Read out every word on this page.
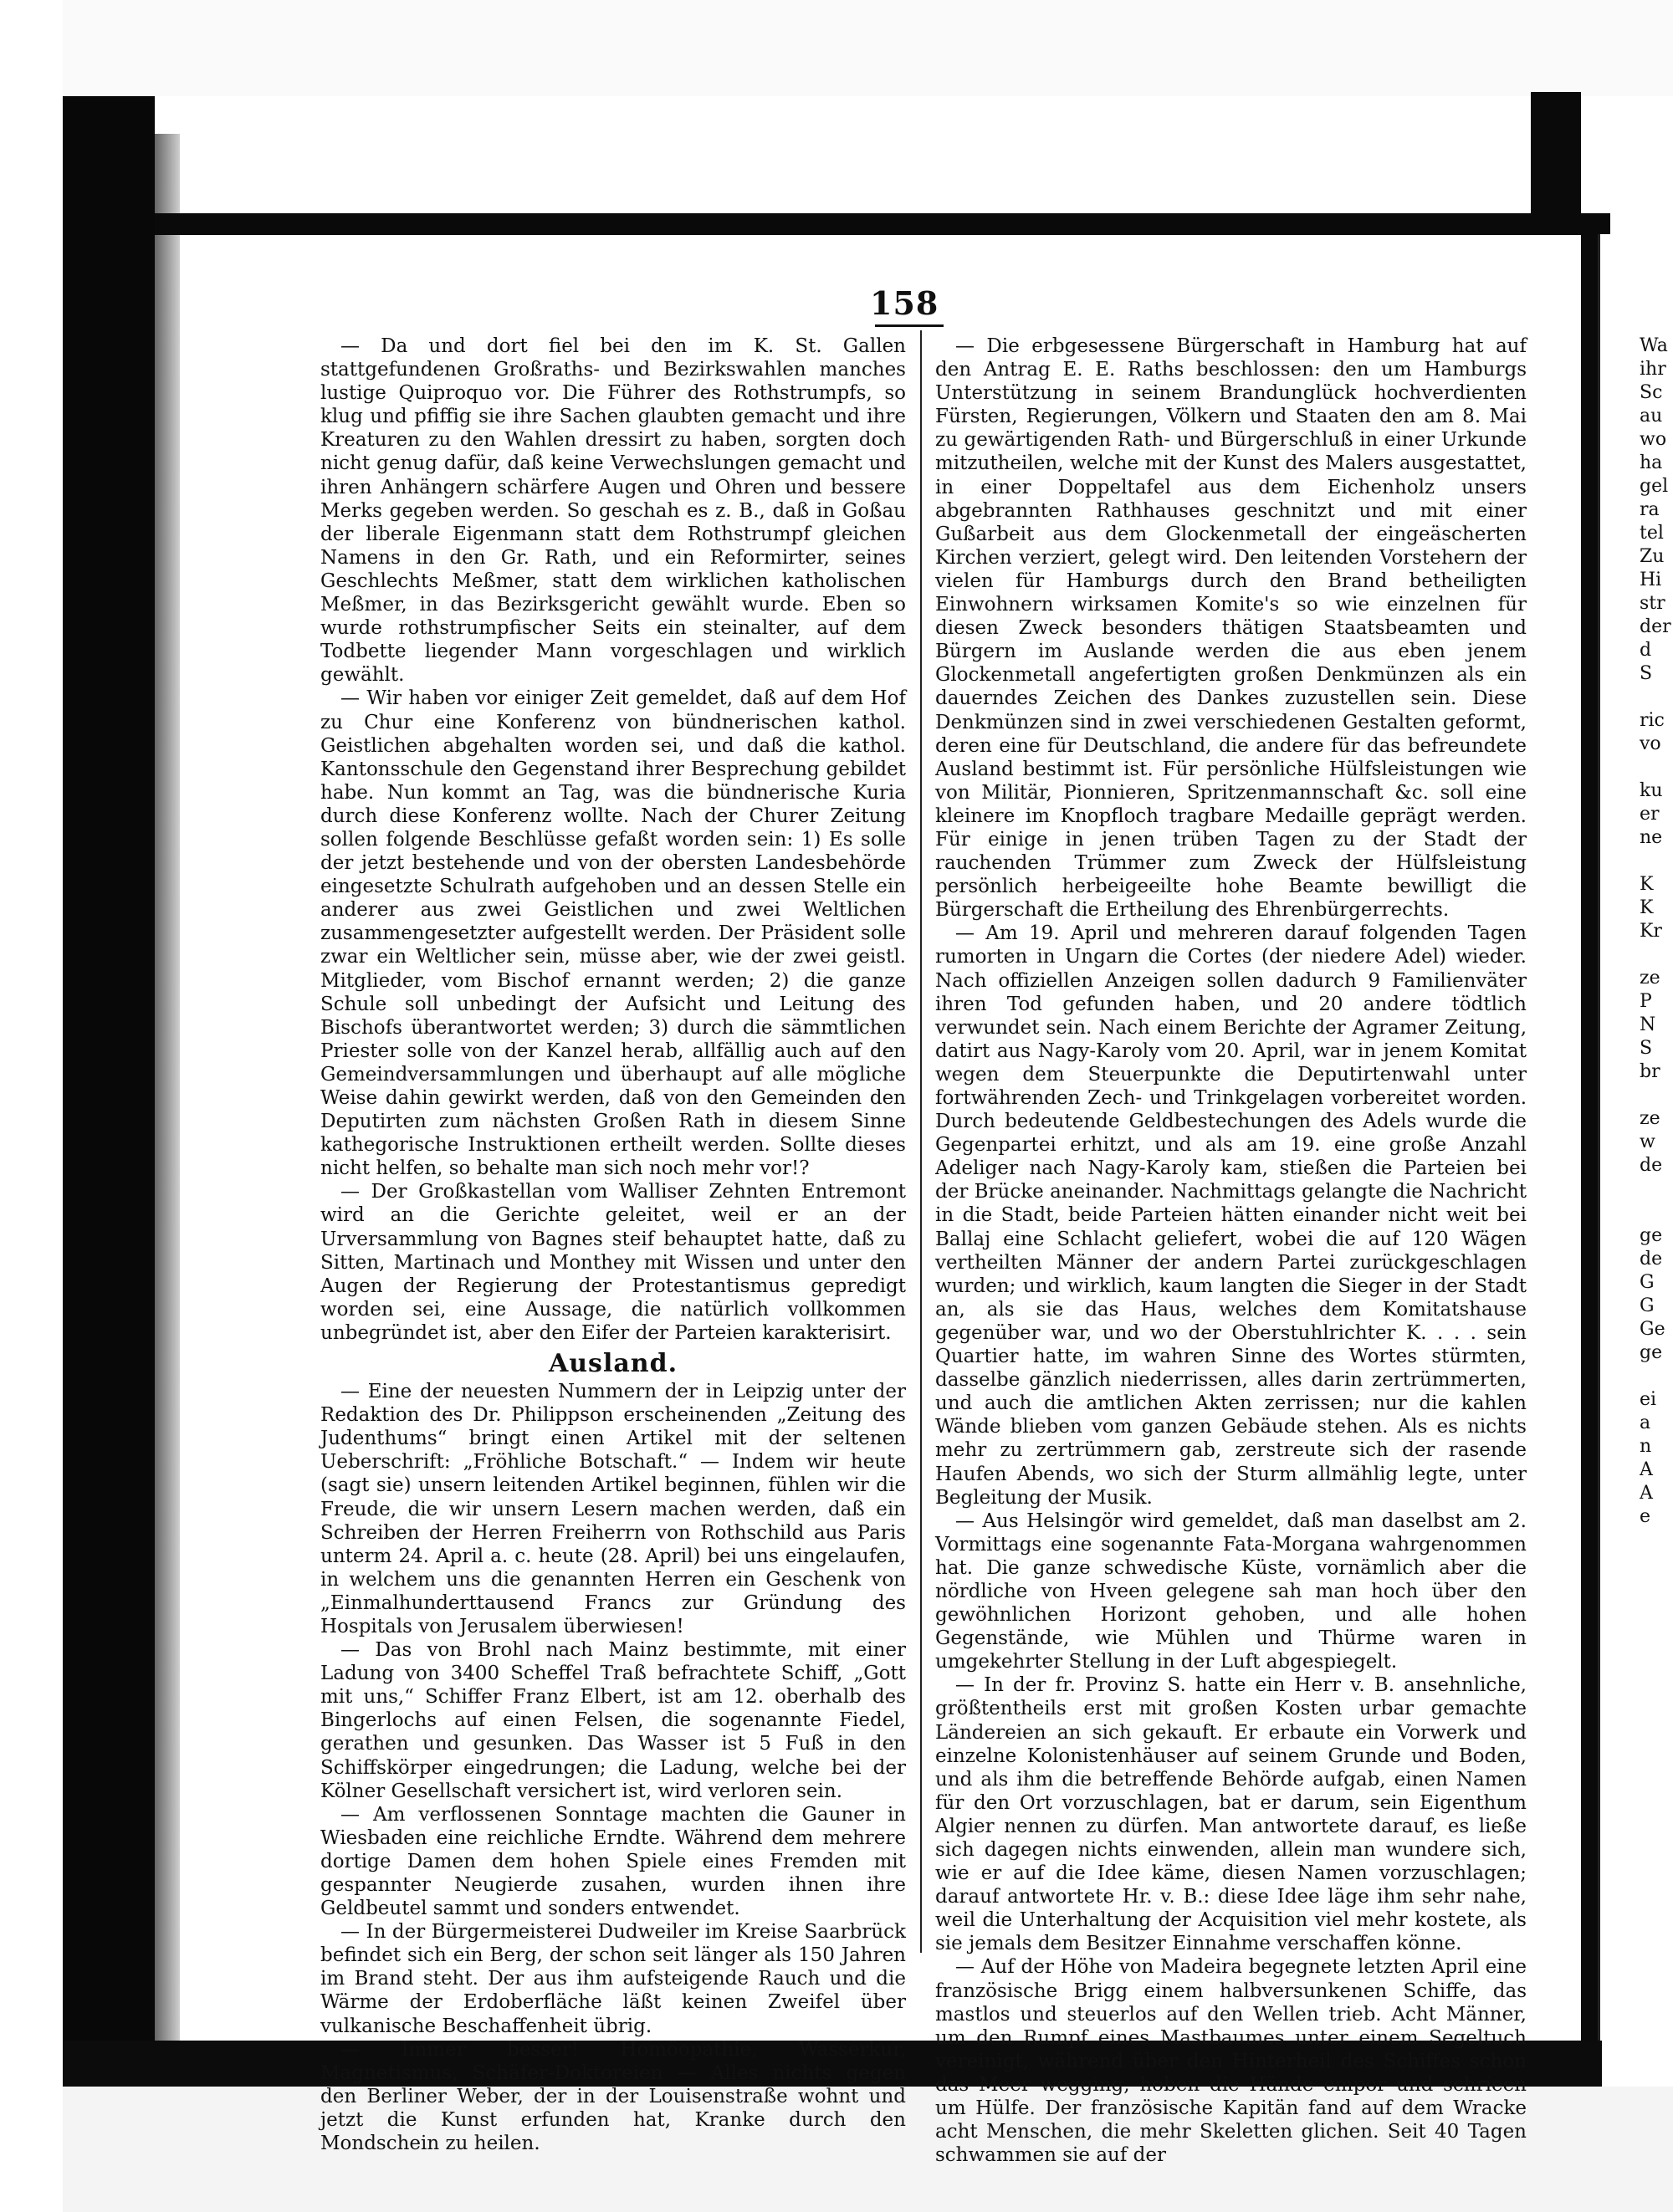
158

— Da und dort fiel bei den im K. St. Gallen stattgefundenen Großraths- und Bezirkswahlen manches lustige Quiproquo vor. Die Führer des Rothstrumpfs, so klug und pfiffig sie ihre Sachen glaubten gemacht und ihre Kreaturen zu den Wahlen dressirt zu haben, sorgten doch nicht genug dafür, daß keine Verwechslungen gemacht und ihren Anhängern schärfere Augen und Ohren und bessere Merks gegeben werden. So geschah es z. B., daß in Goßau der liberale Eigenmann statt dem Rothstrumpf gleichen Namens in den Gr. Rath, und ein Reformirter, seines Geschlechts Meßmer, statt dem wirklichen katholischen Meßmer, in das Bezirksgericht gewählt wurde. Eben so wurde rothstrumpfischer Seits ein steinalter, auf dem Todbette liegender Mann vorgeschlagen und wirklich gewählt.

— Wir haben vor einiger Zeit gemeldet, daß auf dem Hof zu Chur eine Konferenz von bündnerischen kathol. Geistlichen abgehalten worden sei, und daß die kathol. Kantonsschule den Gegenstand ihrer Besprechung gebildet habe. Nun kommt an Tag, was die bündnerische Kuria durch diese Konferenz wollte. Nach der Churer Zeitung sollen folgende Beschlüsse gefaßt worden sein: 1) Es solle der jetzt bestehende und von der obersten Landesbehörde eingesetzte Schulrath aufgehoben und an dessen Stelle ein anderer aus zwei Geistlichen und zwei Weltlichen zusammengesetzter aufgestellt werden. Der Präsident solle zwar ein Weltlicher sein, müsse aber, wie der zwei geistl. Mitglieder, vom Bischof ernannt werden; 2) die ganze Schule soll unbedingt der Aufsicht und Leitung des Bischofs überantwortet werden; 3) durch die sämmtlichen Priester solle von der Kanzel herab, allfällig auch auf den Gemeindversammlungen und überhaupt auf alle mögliche Weise dahin gewirkt werden, daß von den Gemeinden den Deputirten zum nächsten Großen Rath in diesem Sinne kathegorische Instruktionen ertheilt werden. Sollte dieses nicht helfen, so behalte man sich noch mehr vor!?

— Der Großkastellan vom Walliser Zehnten Entremont wird an die Gerichte geleitet, weil er an der Urversammlung von Bagnes steif behauptet hatte, daß zu Sitten, Martinach und Monthey mit Wissen und unter den Augen der Regierung der Protestantismus gepredigt worden sei, eine Aussage, die natürlich vollkommen unbegründet ist, aber den Eifer der Parteien karakterisirt.

Ausland.

— Eine der neuesten Nummern der in Leipzig unter der Redaktion des Dr. Philippson erscheinenden „Zeitung des Judenthums“ bringt einen Artikel mit der seltenen Ueberschrift: „Fröhliche Botschaft.“ — Indem wir heute (sagt sie) unsern leitenden Artikel beginnen, fühlen wir die Freude, die wir unsern Lesern machen werden, daß ein Schreiben der Herren Freiherrn von Rothschild aus Paris unterm 24. April a. c. heute (28. April) bei uns eingelaufen, in welchem uns die genannten Herren ein Geschenk von „Einmalhunderttausend Francs zur Gründung des Hospitals von Jerusalem überwiesen!

— Das von Brohl nach Mainz bestimmte, mit einer Ladung von 3400 Scheffel Traß befrachtete Schiff, „Gott mit uns,“ Schiffer Franz Elbert, ist am 12. oberhalb des Bingerlochs auf einen Felsen, die sogenannte Fiedel, gerathen und gesunken. Das Wasser ist 5 Fuß in den Schiffskörper eingedrungen; die Ladung, welche bei der Kölner Gesellschaft versichert ist, wird verloren sein.

— Am verflossenen Sonntage machten die Gauner in Wiesbaden eine reichliche Erndte. Während dem mehrere dortige Damen dem hohen Spiele eines Fremden mit gespannter Neugierde zusahen, wurden ihnen ihre Geldbeutel sammt und sonders entwendet.

— In der Bürgermeisterei Dudweiler im Kreise Saarbrück befindet sich ein Berg, der schon seit länger als 150 Jahren im Brand steht. Der aus ihm aufsteigende Rauch und die Wärme der Erdoberfläche läßt keinen Zweifel über vulkanische Beschaffenheit übrig.

— Immer besser! Homöopathie, Wasserkur, Magnetismus, Schäfer-Doktoreien — Alles nichts gegen den Berliner Weber, der in der Louisenstraße wohnt und jetzt die Kunst erfunden hat, Kranke durch den Mondschein zu heilen.

— Die erbgesessene Bürgerschaft in Hamburg hat auf den Antrag E. E. Raths beschlossen: den um Hamburgs Unterstützung in seinem Brandunglück hochverdienten Fürsten, Regierungen, Völkern und Staaten den am 8. Mai zu gewärtigenden Rath- und Bürgerschluß in einer Urkunde mitzutheilen, welche mit der Kunst des Malers ausgestattet, in einer Doppeltafel aus dem Eichenholz unsers abgebrannten Rathhauses geschnitzt und mit einer Gußarbeit aus dem Glockenmetall der eingeäscherten Kirchen verziert, gelegt wird. Den leitenden Vorstehern der vielen für Hamburgs durch den Brand betheiligten Einwohnern wirksamen Komite's so wie einzelnen für diesen Zweck besonders thätigen Staatsbeamten und Bürgern im Auslande werden die aus eben jenem Glockenmetall angefertigten großen Denkmünzen als ein dauerndes Zeichen des Dankes zuzustellen sein. Diese Denkmünzen sind in zwei verschiedenen Gestalten geformt, deren eine für Deutschland, die andere für das befreundete Ausland bestimmt ist. Für persönliche Hülfsleistungen wie von Militär, Pionnieren, Spritzenmannschaft &c. soll eine kleinere im Knopfloch tragbare Medaille geprägt werden. Für einige in jenen trüben Tagen zu der Stadt der rauchenden Trümmer zum Zweck der Hülfsleistung persönlich herbeigeeilte hohe Beamte bewilligt die Bürgerschaft die Ertheilung des Ehrenbürgerrechts.

— Am 19. April und mehreren darauf folgenden Tagen rumorten in Ungarn die Cortes (der niedere Adel) wieder. Nach offiziellen Anzeigen sollen dadurch 9 Familienväter ihren Tod gefunden haben, und 20 andere tödtlich verwundet sein. Nach einem Berichte der Agramer Zeitung, datirt aus Nagy-Karoly vom 20. April, war in jenem Komitat wegen dem Steuerpunkte die Deputirtenwahl unter fortwährenden Zech- und Trinkgelagen vorbereitet worden. Durch bedeutende Geldbestechungen des Adels wurde die Gegenpartei erhitzt, und als am 19. eine große Anzahl Adeliger nach Nagy-Karoly kam, stießen die Parteien bei der Brücke aneinander. Nachmittags gelangte die Nachricht in die Stadt, beide Parteien hätten einander nicht weit bei Ballaj eine Schlacht geliefert, wobei die auf 120 Wägen vertheilten Männer der andern Partei zurückgeschlagen wurden; und wirklich, kaum langten die Sieger in der Stadt an, als sie das Haus, welches dem Komitatshause gegenüber war, und wo der Oberstuhlrichter K. . . . sein Quartier hatte, im wahren Sinne des Wortes stürmten, dasselbe gänzlich niederrissen, alles darin zertrümmerten, und auch die amtlichen Akten zerrissen; nur die kahlen Wände blieben vom ganzen Gebäude stehen. Als es nichts mehr zu zertrümmern gab, zerstreute sich der rasende Haufen Abends, wo sich der Sturm allmählig legte, unter Begleitung der Musik.

— Aus Helsingör wird gemeldet, daß man daselbst am 2. Vormittags eine sogenannte Fata-Morgana wahrgenommen hat. Die ganze schwedische Küste, vornämlich aber die nördliche von Hveen gelegene sah man hoch über den gewöhnlichen Horizont gehoben, und alle hohen Gegenstände, wie Mühlen und Thürme waren in umgekehrter Stellung in der Luft abgespiegelt.

— In der fr. Provinz S. hatte ein Herr v. B. ansehnliche, größtentheils erst mit großen Kosten urbar gemachte Ländereien an sich gekauft. Er erbaute ein Vorwerk und einzelne Kolonistenhäuser auf seinem Grunde und Boden, und als ihm die betreffende Behörde aufgab, einen Namen für den Ort vorzuschlagen, bat er darum, sein Eigenthum Algier nennen zu dürfen. Man antwortete darauf, es ließe sich dagegen nichts einwenden, allein man wundere sich, wie er auf die Idee käme, diesen Namen vorzuschlagen; darauf antwortete Hr. v. B.: diese Idee läge ihm sehr nahe, weil die Unterhaltung der Acquisition viel mehr kostete, als sie jemals dem Besitzer Einnahme verschaffen könne.

— Auf der Höhe von Madeira begegnete letzten April eine französische Brigg einem halbversunkenen Schiffe, das mastlos und steuerlos auf den Wellen trieb. Acht Männer, um den Rumpf eines Mastbaumes unter einem Segeltuch vereinigt, während über den Hinterheil des Schiffes schon das Meer wegging, hoben die Hände empor und schrieen um Hülfe. Der französische Kapitän fand auf dem Wracke acht Menschen, die mehr Skeletten glichen. Seit 40 Tagen schwammen sie auf der

Wa
ihr
Sc
au
wo
ha
gel
ra
tel
Zu
Hi
str
der
d
S
ric
vo
ku
er
ne
K
K
Kr
ze
P
N
S
br
ze
w
de
ge
de
G
G
Ge
ge
ei
a
n
A
A
e
